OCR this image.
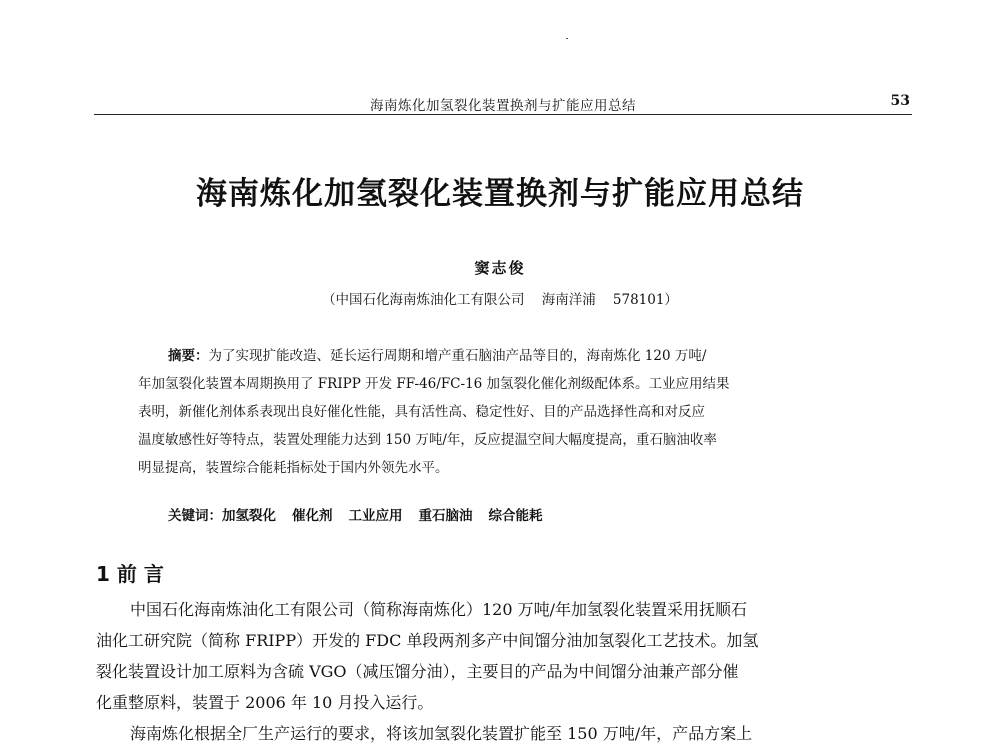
海南炼化加氢裂化装置换剂与扩能应用总结	53
海南炼化加氢裂化装置换剂与扩能应用总结
窦志俊
（中国石化海南炼油化工有限公司    海南洋浦    578101）
摘要：为了实现扩能改造、延长运行周期和增产重石脑油产品等目的，海南炼化 120 万吨/
年加氢裂化装置本周期换用了 FRIPP 开发 FF-46/FC-16 加氢裂化催化剂级配体系。工业应用结果
表明，新催化剂体系表现出良好催化性能，具有活性高、稳定性好、目的产品选择性高和对反应
温度敏感性好等特点，装置处理能力达到 150 万吨/年，反应提温空间大幅度提高，重石脑油收率
明显提高，装置综合能耗指标处于国内外领先水平。
关键词：加氢裂化 催化剂 工业应用 重石脑油 综合能耗
1 前 言
中国石化海南炼油化工有限公司（简称海南炼化）120 万吨/年加氢裂化装置采用抚顺石
油化工研究院（简称 FRIPP）开发的 FDC 单段两剂多产中间馏分油加氢裂化工艺技术。加氢
裂化装置设计加工原料为含硫 VGO（减压馏分油），主要目的产品为中间馏分油兼产部分催
化重整原料，装置于 2006 年 10 月投入运行。
海南炼化根据全厂生产运行的要求，将该加氢裂化装置扩能至 150 万吨/年，产品方案上
